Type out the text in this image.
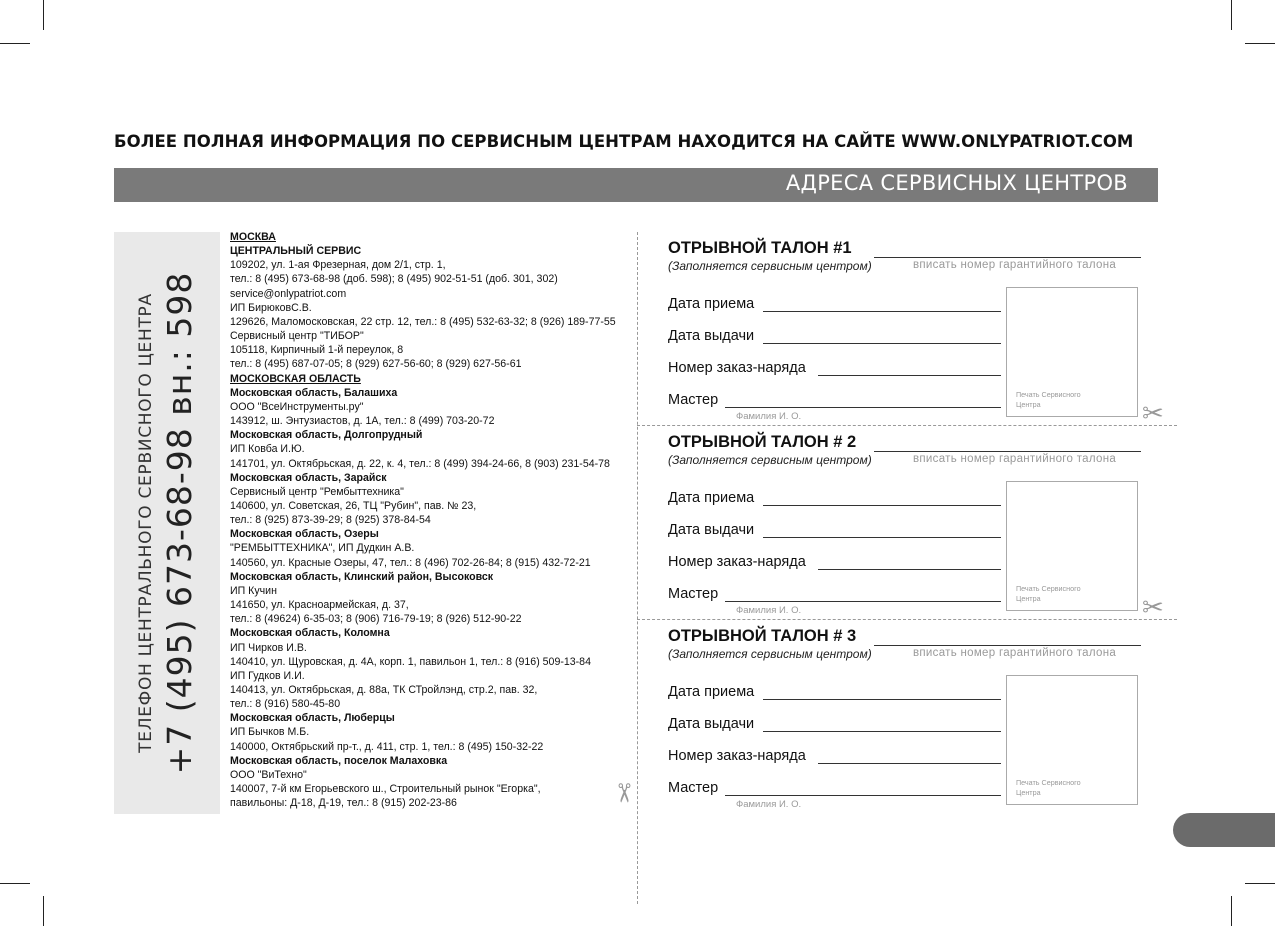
БОЛЕЕ ПОЛНАЯ ИНФОРМАЦИЯ ПО СЕРВИСНЫМ ЦЕНТРАМ НАХОДИТСЯ НА САЙТЕ WWW.ONLYPATRIOT.COM
АДРЕСА СЕРВИСНЫХ ЦЕНТРОВ
ТЕЛЕФОН ЦЕНТРАЛЬНОГО СЕРВИСНОГО ЦЕНТРА +7 (495) 673-68-98 вн.: 598
МОСКВА
ЦЕНТРАЛЬНЫЙ СЕРВИС
109202, ул. 1-ая Фрезерная, дом 2/1, стр. 1,
тел.: 8 (495) 673-68-98 (доб. 598); 8 (495) 902-51-51 (доб. 301, 302)
service@onlypatriot.com
ИП БирюковС.В.
129626, Маломосковская, 22 стр. 12, тел.: 8 (495) 532-63-32; 8 (926) 189-77-55
Сервисный центр "ТИБОР"
105118, Кирпичный 1-й переулок, 8
тел.: 8 (495) 687-07-05; 8 (929) 627-56-60; 8 (929) 627-56-61
МОСКОВСКАЯ ОБЛАСТЬ
Московская область, Балашиха
ООО "ВсеИнструменты.ру"
143912, ш. Энтузиастов, д. 1А, тел.: 8 (499) 703-20-72
Московская область, Долгопрудный
ИП Ковба И.Ю.
141701, ул. Октябрьская, д. 22, к. 4, тел.: 8 (499) 394-24-66, 8 (903) 231-54-78
Московская область, Зарайск
Сервисный центр "Рембыттехника"
140600, ул. Советская, 26, ТЦ "Рубин", пав. № 23,
тел.: 8 (925) 873-39-29; 8 (925) 378-84-54
Московская область, Озеры
"РЕМБЫТТЕХНИКА", ИП Дудкин А.В.
140560, ул. Красные Озеры, 47, тел.: 8 (496) 702-26-84; 8 (915) 432-72-21
Московская область, Клинский район, Высоковск
ИП Кучин
141650, ул. Красноармейская, д. 37,
тел.: 8 (49624) 6-35-03; 8 (906) 716-79-19; 8 (926) 512-90-22
Московская область, Коломна
ИП Чирков И.В.
140410, ул. Щуровская, д. 4А, корп. 1, павильон 1, тел.: 8 (916) 509-13-84
ИП Гудков И.И.
140413, ул. Октябрьская, д. 88а, ТК СТройлэнд, стр.2, пав. 32,
тел.: 8 (916) 580-45-80
Московская область, Люберцы
ИП Бычков М.Б.
140000, Октябрьский пр-т., д. 411, стр. 1, тел.: 8 (495) 150-32-22
Московская область, поселок Малаховка
ООО "ВиТехно"
140007, 7-й км Егорьевского ш., Строительный рынок "Егорка",
павильоны: Д-18, Д-19, тел.: 8 (915) 202-23-86
✂
✂
✂
ОТРЫВНОЙ ТАЛОН #1
(Заполняется сервисным центром)	вписать номер гарантийного талона
Дата приема
Дата выдачи
Номер заказ-наряда
Мастер	Печать Сервисного Центра
Фамилия И. О.
ОТРЫВНОЙ ТАЛОН # 2
(Заполняется сервисным центром)	вписать номер гарантийного талона
Дата приема
Дата выдачи
Номер заказ-наряда
Мастер	Печать Сервисного Центра
Фамилия И. О.
ОТРЫВНОЙ ТАЛОН # 3
(Заполняется сервисным центром)	вписать номер гарантийного талона
Дата приема
Дата выдачи
Номер заказ-наряда
Мастер	Печать Сервисного Центра
Фамилия И. О.
